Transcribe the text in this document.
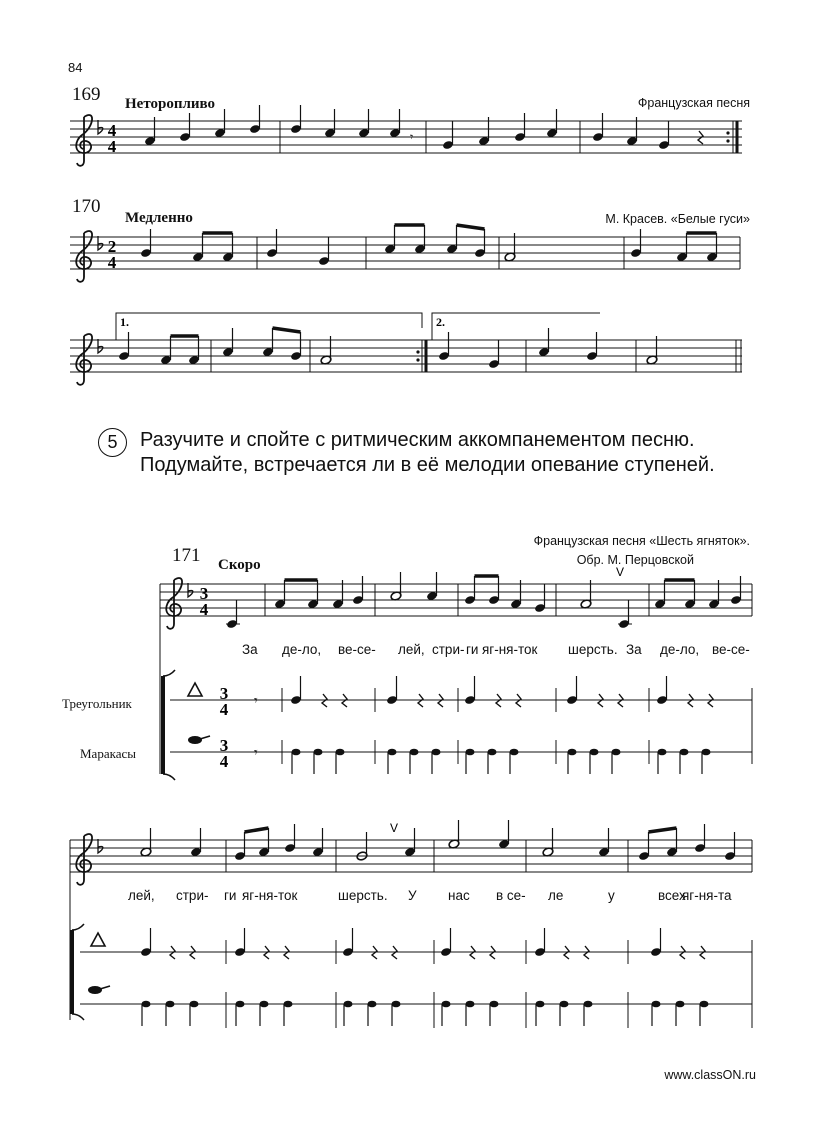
84
169 Неторопливо	Французская песня
170
Медленно	М. Красев. «Белые гуси»
5	Разучите и спойте с ритмическим аккомпанементом песню. Подумайте, встречается ли в её мелодии опевание ступеней.
Французская песня «Шесть ягняток».
Обр. М. Перцовской
171 Скоро
Треугольник
Маракасы
www.classON.ru
4
4	𝄾
2
4
1.	2.
3
4
V
3
4
3
4
𝄾
𝄾
V
За де-ло, ве-се- лей, стри- ги яг-ня-ток шерсть. За де-ло, ве-се-
лей, стри- ги яг-ня-ток	шерсть. У нас в се- ле	у	всех
яг-ня-та
